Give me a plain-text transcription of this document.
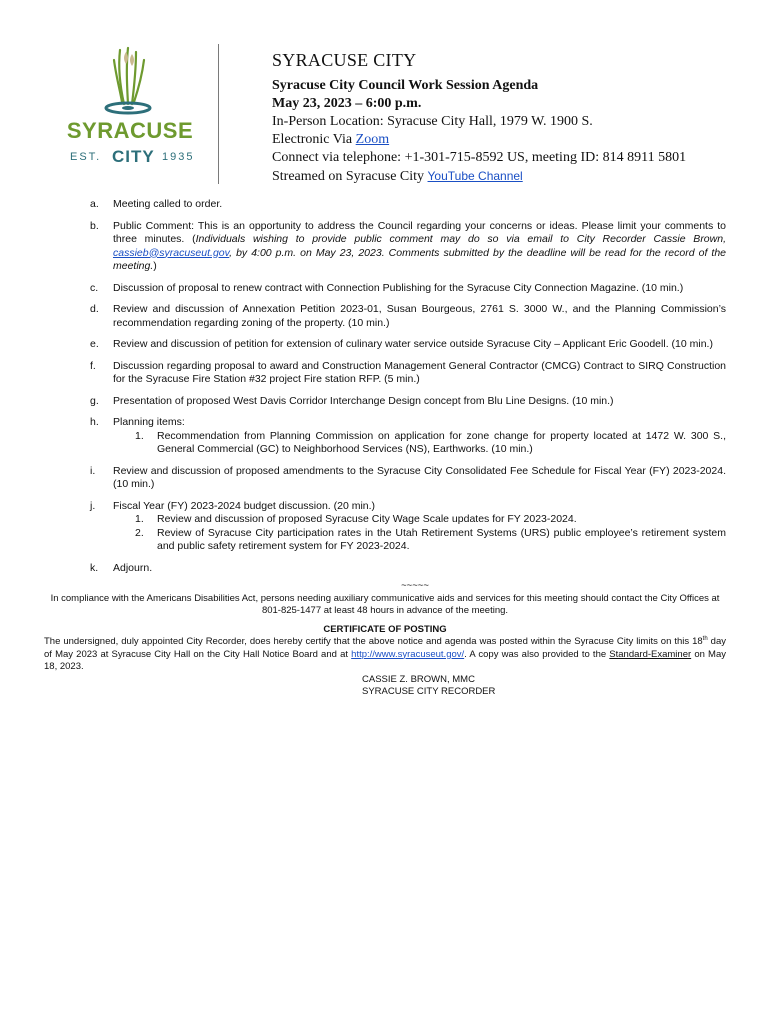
SYRACUSE
EST. CITY 1935
SYRACUSE CITY
Syracuse City Council Work Session Agenda
May 23, 2023 – 6:00 p.m.
In-Person Location: Syracuse City Hall, 1979 W. 1900 S.
Electronic Via Zoom
Connect via telephone: +1-301-715-8592 US, meeting ID: 814 8911 5801
Streamed on Syracuse City YouTube Channel
a.	Meeting called to order.
b.	Public Comment: This is an opportunity to address the Council regarding your concerns or ideas. Please limit your comments to three minutes. (Individuals wishing to provide public comment may do so via email to City Recorder Cassie Brown, cassieb@syracuseut.gov, by 4:00 p.m. on May 23, 2023. Comments submitted by the deadline will be read for the record of the meeting.)
c.	Discussion of proposal to renew contract with Connection Publishing for the Syracuse City Connection Magazine. (10 min.)
d.	Review and discussion of Annexation Petition 2023-01, Susan Bourgeous, 2761 S. 3000 W., and the Planning Commission’s recommendation regarding zoning of the property. (10 min.)
e.	Review and discussion of petition for extension of culinary water service outside Syracuse City – Applicant Eric Goodell. (10 min.)
f.	Discussion regarding proposal to award and Construction Management General Contractor (CMCG) Contract to SIRQ Construction for the Syracuse Fire Station #32 project Fire station RFP. (5 min.)
g.	Presentation of proposed West Davis Corridor Interchange Design concept from Blu Line Designs. (10 min.)
h.	Planning items:
1.	Recommendation from Planning Commission on application for zone change for property located at 1472 W. 300 S., General Commercial (GC) to Neighborhood Services (NS), Earthworks. (10 min.)
i.	Review and discussion of proposed amendments to the Syracuse City Consolidated Fee Schedule for Fiscal Year (FY) 2023-2024. (10 min.)
j.	Fiscal Year (FY) 2023-2024 budget discussion. (20 min.)
1.	Review and discussion of proposed Syracuse City Wage Scale updates for FY 2023-2024.
2.	Review of Syracuse City participation rates in the Utah Retirement Systems (URS) public employee’s retirement system and public safety retirement system for FY 2023-2024.
k.	Adjourn.
~~~~~
In compliance with the Americans Disabilities Act, persons needing auxiliary communicative aids and services for this meeting should contact the City Offices at 801-825-1477 at least 48 hours in advance of the meeting.
CERTIFICATE OF POSTING
The undersigned, duly appointed City Recorder, does hereby certify that the above notice and agenda was posted within the Syracuse City limits on this 18th day of May 2023 at Syracuse City Hall on the City Hall Notice Board and at http://www.syracuseut.gov/. A copy was also provided to the Standard-Examiner on May 18, 2023.
CASSIE Z. BROWN, MMC
SYRACUSE CITY RECORDER
